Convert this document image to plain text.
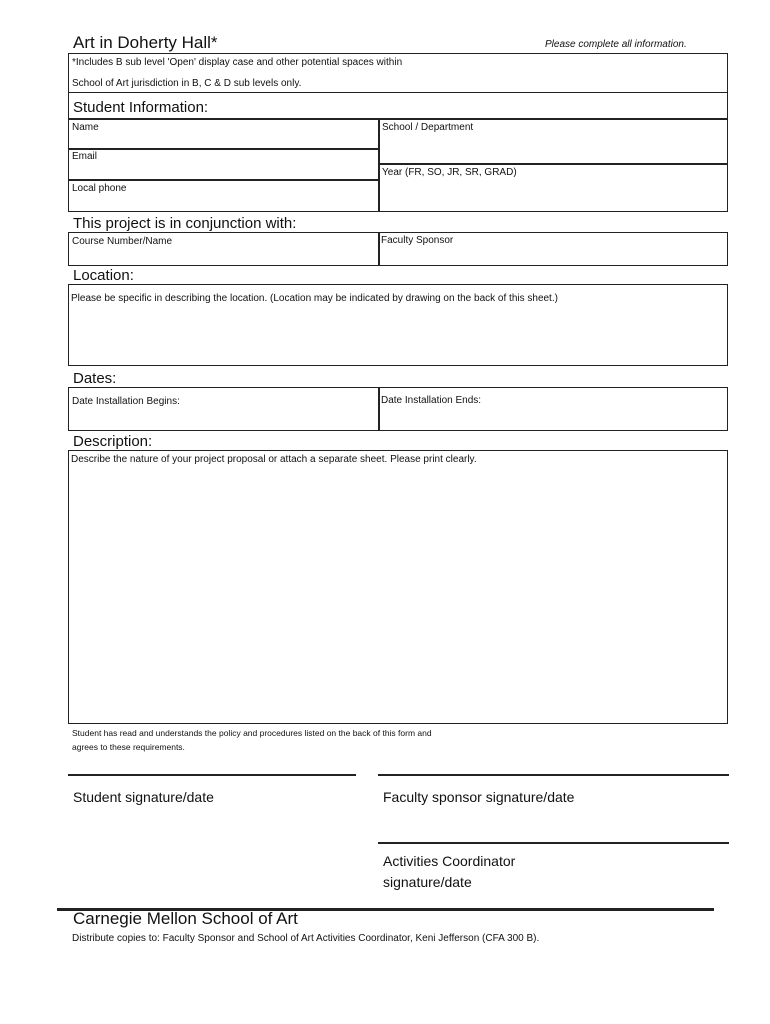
Art in Doherty Hall*	Please complete all information.
*Includes B sub level 'Open' display case and other potential spaces within
School of Art jurisdiction in B, C & D sub levels only.
Student Information:
Name	School / Department
Email
Year (FR, SO, JR, SR, GRAD)
Local phone
This project is in conjunction with:
Course Number/Name	Faculty Sponsor
Location:
Please be specific in describing the location. (Location may be indicated by drawing on the back of this sheet.)
Dates:
Date Installation Begins:	Date Installation Ends:
Description:
Describe the nature of your project proposal or attach a separate sheet. Please print clearly.
Student has read and understands the policy and procedures listed on the back of this form and
agrees to these requirements.
Student signature/date	Faculty sponsor signature/date
Activities Coordinator
signature/date
Carnegie Mellon School of Art
Distribute copies to: Faculty Sponsor and School of Art Activities Coordinator, Keni Jefferson (CFA 300 B).
